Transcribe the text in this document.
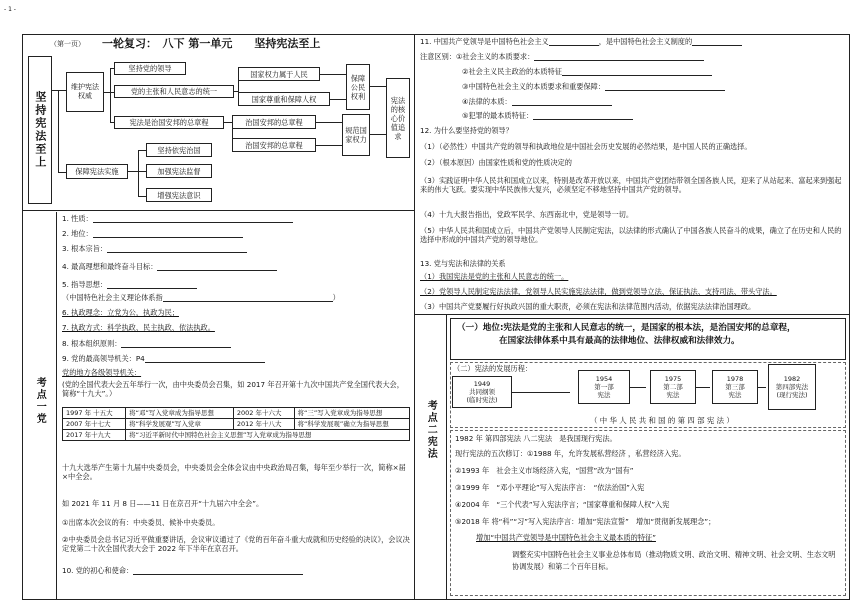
- 1 -
（第一页） 一轮复习：　八下 第一单元　　坚持宪法至上
坚持宪法至上
维护宪法权威
坚持党的领导
党的主张和人民意志的统一
国家权力属于人民
国家尊重和保障人权
保障公民权利	宪法的核心价值追求
宪法是治国安邦的总章程	治国安邦的总章程
治国安邦的总章程
规范国家权力
保障宪法实施
坚持依宪治国
加强宪法监督
增强宪法意识
考点一党
1. 性质：
2. 地位：
3. 根本宗旨：
4. 最高理想和最终奋斗目标：
5. 指导思想：
（中国特色社会主义理论体系指	）
6. 执政理念：立党为公，执政为民；
7. 执政方式：科学执政、民主执政、依法执政。
8. 根本组织原则：
9. 党的最高领导机关：P4
党的地方各级领导机关：
(党的全国代表大会五年举行一次，由中央委员会召集，如 2017 年召开第十九次中国共产党全国代表大会，简称“十九大”。）
1997 年 十五大	将“邓”写入党章成为指导思想	2002 年十六大	将“三”写入党章成为指导思想
2007 年十七大	将“科学发展观”写入党章	2012 年十八大	将“科学发展观”确立为指导思想
2017 年十九大	将“习近平新时代中国特色社会主义思想”写入党章成为指导思想		
十九大选举产生第十九届中央委员会，中央委员会全体会议由中央政治局召集，每年至少举行一次，简称×届×中全会。
如 2021 年 11 月 8 日——11 日在京召开“十九届六中全会”。
①出席本次会议的有：中央委员、候补中央委员。
②中央委员会总书记习近平做重要讲话，会议审议通过了《党的百年奋斗重大成就和历史经验的决议》，会议决定党第二十次全国代表大会于 2022 年下半年在京召开。
10. 党的初心和使命：
11. 中国共产党领导是中国特色社会主义	，是中国特色社会主义制度的
注意区别：①社会主义的本质要求：
②社会主义民主政治的本质特征
③中国特色社会主义的本质要求和重要保障：
④法律的本质：
⑤犯罪的最本质特征：
12. 为什么要坚持党的领导？
（1）（必然性）中国共产党的领导和执政地位是中国社会历史发展的必然结果，是中国人民的正确选择。
（2）（根本原因）由国家性质和党的性质决定的
（3）实践证明中华人民共和国成立以来，特别是改革开放以来，中国共产党团结带领全国各族人民，迎来了从站起来、富起来到强起来的伟大飞跃。要实现中华民族伟大复兴，必须坚定不移地坚持中国共产党的领导。
（4）十九大报告指出，党政军民学、东西南北中，党是领导一切。
（5）中华人民共和国成立后，中国共产党领导人民制定宪法，以法律的形式确认了中国各族人民奋斗的成果，确立了在历史和人民的选择中形成的中国共产党的领导地位。
13. 党与宪法和法律的关系
（1）我国宪法是党的主张和人民意志的统一。
（2）党领导人民制定宪法法律，党领导人民实施宪法法律，做到党领导立法、保证执法、支持司法、带头守法。
（3）中国共产党要履行好执政兴国的重大职责，必须在宪法和法律范围内活动，依据宪法法律治国理政。
考点二宪法
（一）地位:宪法是党的主张和人民意志的统一，是国家的根本法，是治国安邦的总章程，
在国家法律体系中具有最高的法律地位、法律权威和法律效力。
（二）宪法的发展历程：
1949
共同纲领
(临时宪法)
1954
第一部
宪法
1975
第二部
宪法
1978
第三部
宪法
1982
第四部宪法
(现行宪法)
（ 中 华 人 民 共 和 国 的 第 四 部 宪 法 ）
1982 年 第四部宪法 八二宪法　是我国现行宪法。
现行宪法的五次修订：①1988 年，允许发展私营经济 ，私营经济入宪。
②1993 年　社会主义市场经济入宪，“国营”改为“国有”
③1999 年　“邓小平理论”写入宪法序言：　“依法治国”入宪
④2004 年　“三个代表”写入宪法序言；“国家尊重和保障人权”入宪
⑤2018 年 将“科”“习”写入宪法序言：增加“宪法宣誓”　增加“贯彻新发展理念”；
增加“中国共产党领导是中国特色社会主义最本质的特征”
调整充实中国特色社会主义事业总体布局（推动物质文明、政治文明、精神文明、社会文明、生态文明协调发展）和第二个百年目标。
